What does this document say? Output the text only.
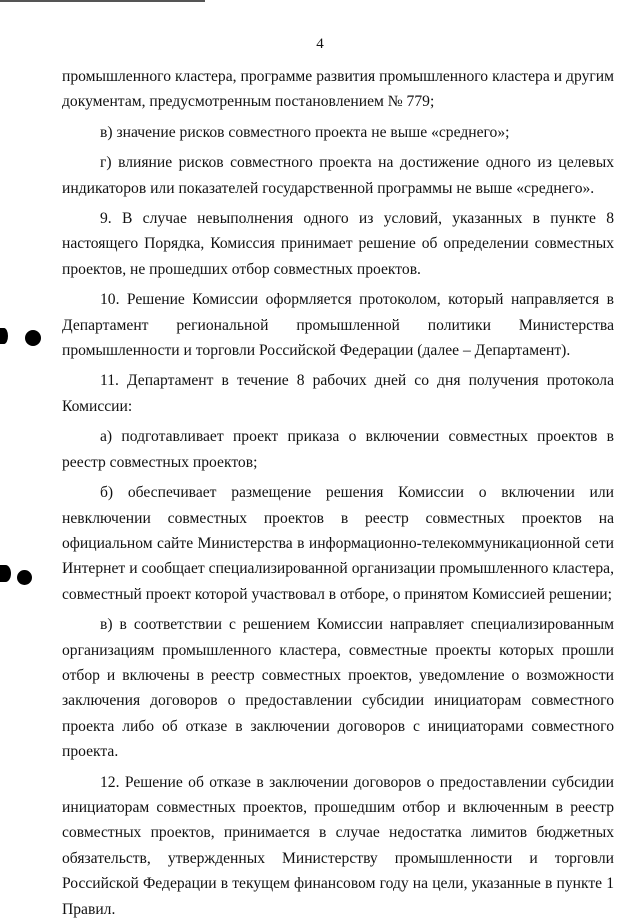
4

промышленного кластера, программе развития промышленного кластера и другим документам, предусмотренным постановлением № 779;

в) значение рисков совместного проекта не выше «среднего»;

г) влияние рисков совместного проекта на достижение одного из целевых индикаторов или показателей государственной программы не выше «среднего».

9. В случае невыполнения одного из условий, указанных в пункте 8 настоящего Порядка, Комиссия принимает решение об определении совместных проектов, не прошедших отбор совместных проектов.

10. Решение Комиссии оформляется протоколом, который направляется в Департамент региональной промышленной политики Министерства промышленности и торговли Российской Федерации (далее – Департамент).

11. Департамент в течение 8 рабочих дней со дня получения протокола Комиссии:

а) подготавливает проект приказа о включении совместных проектов в реестр совместных проектов;

б) обеспечивает размещение решения Комиссии о включении или невключении совместных проектов в реестр совместных проектов на официальном сайте Министерства в информационно-телекоммуникационной сети Интернет и сообщает специализированной организации промышленного кластера, совместный проект которой участвовал в отборе, о принятом Комиссией решении;

в) в соответствии с решением Комиссии направляет специализированным организациям промышленного кластера, совместные проекты которых прошли отбор и включены в реестр совместных проектов, уведомление о возможности заключения договоров о предоставлении субсидии инициаторам совместного проекта либо об отказе в заключении договоров с инициаторами совместного проекта.

12. Решение об отказе в заключении договоров о предоставлении субсидии инициаторам совместных проектов, прошедшим отбор и включенным в реестр совместных проектов, принимается в случае недостатка лимитов бюджетных обязательств, утвержденных Министерству промышленности и торговли Российской Федерации в текущем финансовом году на цели, указанные в пункте 1 Правил.
